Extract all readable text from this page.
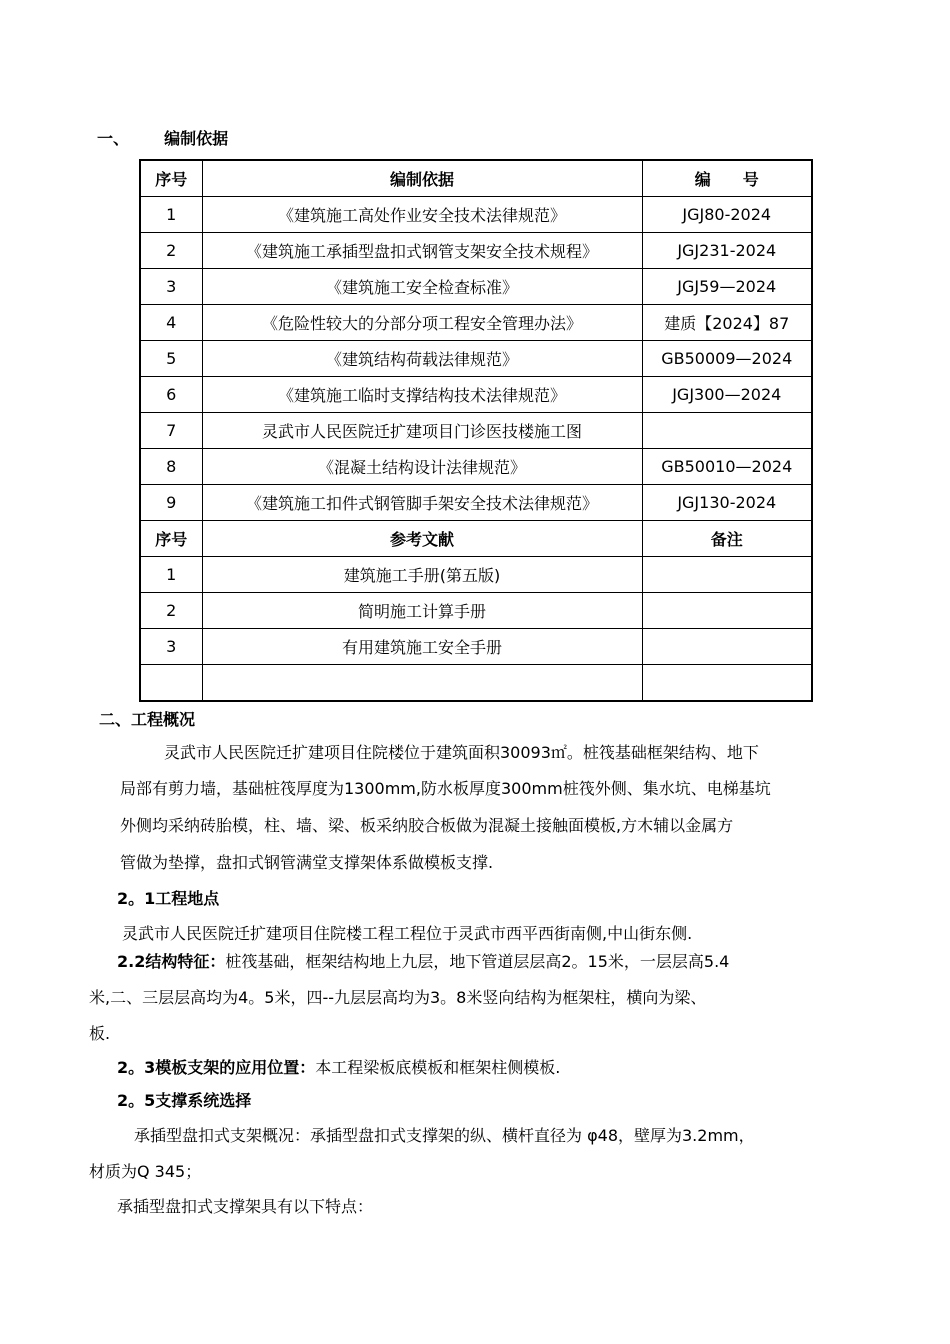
一、 编制依据
序号	编制依据	编　　号
1	《建筑施工高处作业安全技术法律规范》	JGJ80-2024
2	《建筑施工承插型盘扣式钢管支架安全技术规程》	JGJ231-2024
3	《建筑施工安全检查标准》	JGJ59—2024
4	《危险性较大的分部分项工程安全管理办法》	建质【2024】87
5	《建筑结构荷载法律规范》	GB50009—2024
6	《建筑施工临时支撑结构技术法律规范》	JGJ300—2024
7	灵武市人民医院迁扩建项目门诊医技楼施工图	
8	《混凝土结构设计法律规范》	GB50010—2024
9	《建筑施工扣件式钢管脚手架安全技术法律规范》	JGJ130-2024
序号	参考文献	备注
1	建筑施工手册(第五版)	
2	简明施工计算手册	
3	有用建筑施工安全手册	

二、工程概况
灵武市人民医院迁扩建项目住院楼位于建筑面积30093㎡。桩筏基础框架结构、地下
局部有剪力墙，基础桩筏厚度为1300mm,防水板厚度300mm桩筏外侧、集水坑、电梯基坑
外侧均采纳砖胎模，柱、墙、梁、板采纳胶合板做为混凝土接触面模板,方木辅以金属方
管做为垫撑，盘扣式钢管满堂支撑架体系做模板支撑.
2。1工程地点
灵武市人民医院迁扩建项目住院楼工程工程位于灵武市西平西街南侧,中山街东侧.
2.2结构特征：桩筏基础，框架结构地上九层，地下管道层层高2。15米，一层层高5.4
米,二、三层层高均为4。5米，四--九层层高均为3。8米竖向结构为框架柱，横向为梁、
板.
2。3模板支架的应用位置：本工程梁板底模板和框架柱侧模板.
2。5支撑系统选择
承插型盘扣式支架概况：承插型盘扣式支撑架的纵、横杆直径为 φ48，壁厚为3.2mm，
材质为Q 345；
承插型盘扣式支撑架具有以下特点：
